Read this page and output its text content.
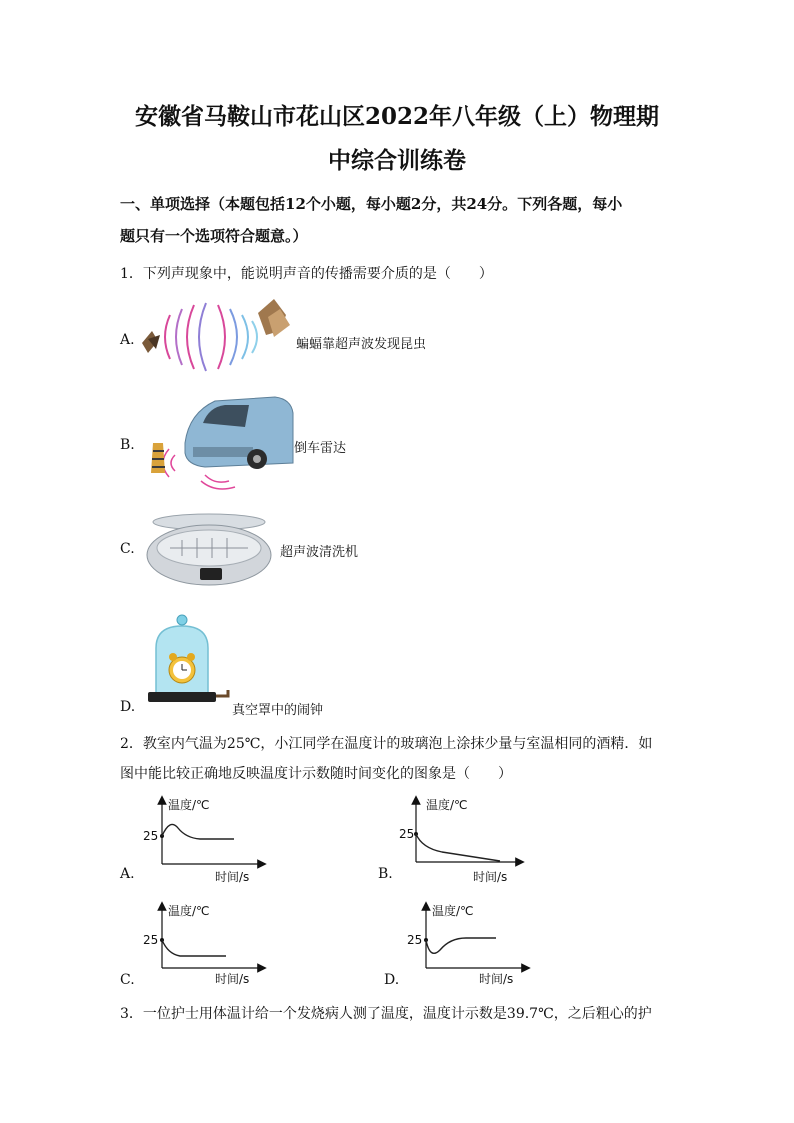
安徽省马鞍山市花山区2022年八年级（上）物理期
中综合训练卷
一、单项选择（本题包括12个小题，每小题2分，共24分。下列各题，每小
题只有一个选项符合题意。）
1．下列声现象中，能说明声音的传播需要介质的是（　　）
A.	蝙蝠靠超声波发现昆虫
B.	倒车雷达
C.	超声波清洗机
D.	真空罩中的闹钟
2．教室内气温为25℃，小江同学在温度计的玻璃泡上涂抹少量与室温相同的酒精．如
图中能比较正确地反映温度计示数随时间变化的图象是（　　）
A.
温度/℃
25
时间/s	B.
温度/℃
25
时间/s
C.
温度/℃
25
时间/s	D.
温度/℃
25
时间/s
3．一位护士用体温计给一个发烧病人测了温度，温度计示数是39.7℃，之后粗心的护
